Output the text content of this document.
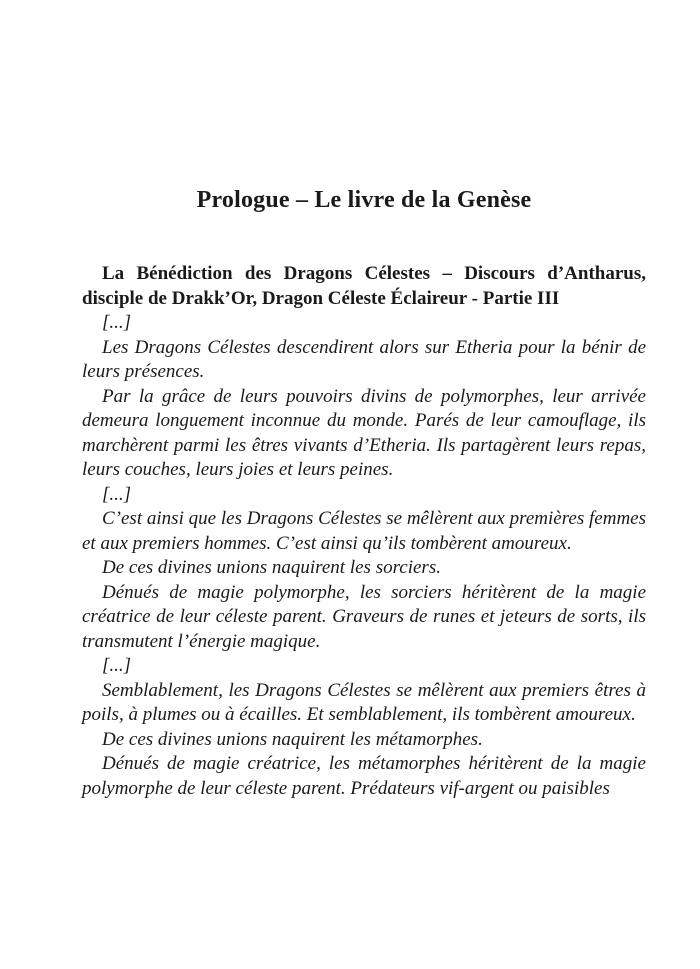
Prologue – Le livre de la Genèse

La Bénédiction des Dragons Célestes – Discours d’Antharus, disciple de Drakk’Or, Dragon Céleste Éclaireur - Partie III

[...]

Les Dragons Célestes descendirent alors sur Etheria pour la bénir de leurs présences.

Par la grâce de leurs pouvoirs divins de polymorphes, leur arrivée demeura longuement inconnue du monde. Parés de leur camouflage, ils marchèrent parmi les êtres vivants d’Etheria. Ils partagèrent leurs repas, leurs couches, leurs joies et leurs peines.

[...]

C’est ainsi que les Dragons Célestes se mêlèrent aux premières femmes et aux premiers hommes. C’est ainsi qu’ils tombèrent amoureux.

De ces divines unions naquirent les sorciers.

Dénués de magie polymorphe, les sorciers héritèrent de la magie créatrice de leur céleste parent. Graveurs de runes et jeteurs de sorts, ils transmutent l’énergie magique.

[...]

Semblablement, les Dragons Célestes se mêlèrent aux premiers êtres à poils, à plumes ou à écailles. Et semblablement, ils tombèrent amoureux.

De ces divines unions naquirent les métamorphes.

Dénués de magie créatrice, les métamorphes héritèrent de la magie polymorphe de leur céleste parent. Prédateurs vif-argent ou paisibles
